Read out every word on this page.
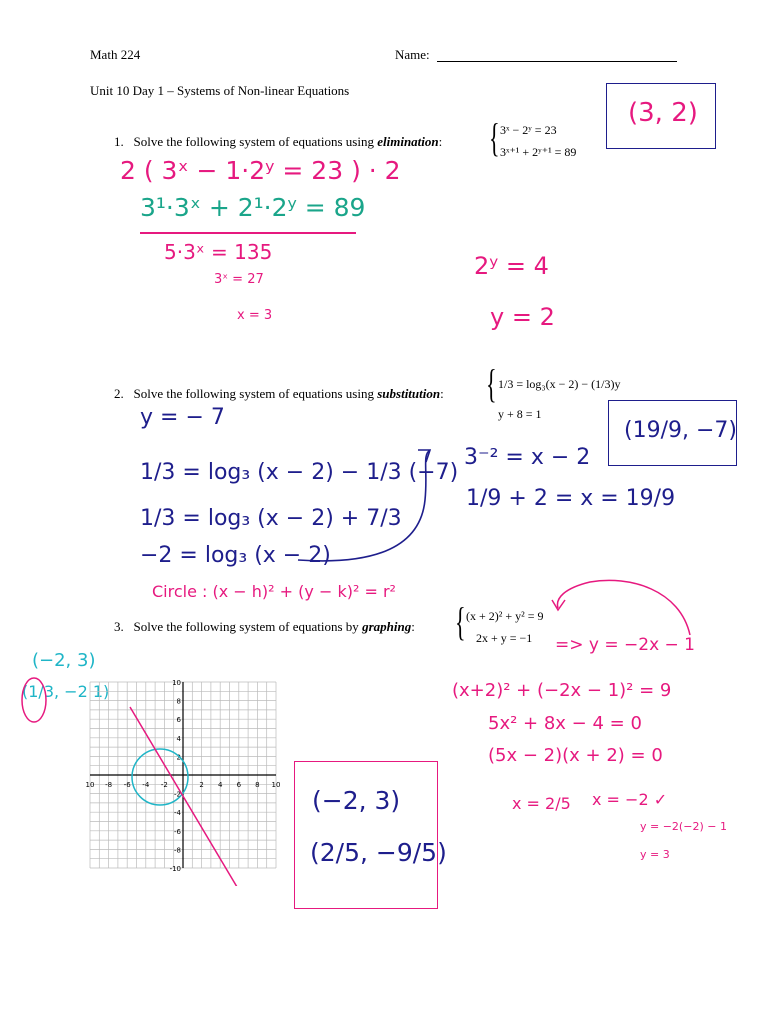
Math 224	Name:
Unit 10 Day 1 – Systems of Non-linear Equations
1. Solve the following system of equations using elimination: { 3ˣ − 2ʸ = 23
3ˣ⁺¹ + 2ʸ⁺¹ = 89
(3, 2)
2 ( 3ˣ − 1·2ʸ = 23 ) · 2
3¹·3ˣ + 2¹·2ʸ = 89
5·3ˣ = 135
3ˣ = 27
x = 3
2ʸ = 4
y = 2
2. Solve the following system of equations using substitution: { 1/3 = log₃(x − 2) − (1/3)y
y + 8 = 1
(19/9, −7)
y = − 7
1/3 = log₃ (x − 2) − 1/3 (−7)
1/3 = log₃ (x − 2) + 7/3
−2 = log₃ (x − 2)
3⁻² = x − 2
1/9 + 2 = x = 19/9
Circle : (x − h)² + (y − k)² = r²
3. Solve the following system of equations by graphing: { (x + 2)² + y² = 9
2x + y = −1	=> y = −2x − 1
(x+2)² + (−2x − 1)² = 9
5x² + 8x − 4 = 0
(5x − 2)(x + 2) = 0
x = 2/5 x = −2 ✓
y = −2(−2) − 1
y = 3
(−2, 3)
(1/3, −2 1)
(−2, 3)
(2/5, −9/5)
10 -8 -6 -4 -2	2 4 6 8 10
10
8
6
4
2
-2
-4
-6
-8
-10
